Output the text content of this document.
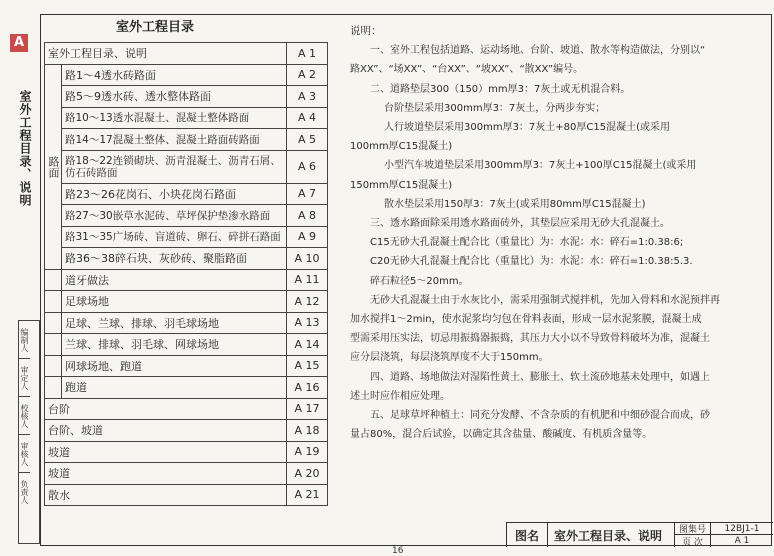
A
室外工程目录、说明
编制人
审定人
校核人
审核人
负责人
室外工程目录
室外工程目录、说明		A 1
路面	路1～4透水砖路面	A 2
	路5～9透水砖、透水整体路面	A 3
	路10～13透水混凝土、混凝土整体路面	A 4
	路14～17混凝土整体、混凝土路面砖路面	A 5
	路18～22连锁砌块、沥青混凝土、沥青石屑、仿石砖路面	A 6
	路23～26花岗石、小块花岗石路面	A 7
	路27～30嵌草水泥砖、草坪保护垫渗水路面	A 8
	路31～35广场砖、盲道砖、卵石、碎拼石路面	A 9
	路36～38碎石块、灰砂砖、聚脂路面	A 10
	道牙做法	A 11
	足球场地	A 12
	足球、兰球、排球、羽毛球场地	A 13
	兰球、排球、羽毛球、网球场地	A 14
	网球场地、跑道	A 15
	跑道	A 16
台阶		A 17
台阶、坡道		A 18
坡道		A 19
坡道		A 20
散水		A 21

说明：

一、室外工程包括道路、运动场地、台阶、坡道、散水等构造做法，分别以“

路XX”、“场XX”、“台XX”、“坡XX”、“散XX”编号。

二、道路垫层300（150）mm厚3：7灰土或无机混合料。

台阶垫层采用300mm厚3：7灰土，分两步夯实；

人行坡道垫层采用300mm厚3：7灰土+80厚C15混凝土(或采用

100mm厚C15混凝土)

小型汽车坡道垫层采用300mm厚3：7灰土+100厚C15混凝土(或采用

150mm厚C15混凝土)

散水垫层采用150厚3：7灰土(或采用80mm厚C15混凝土)

三、透水路面除采用透水路面砖外，其垫层应采用无砂大孔混凝土。

C15无砂大孔混凝土配合比（重量比）为：水泥：水：碎石=1:0.38:6;

C20无砂大孔混凝土配合比（重量比）为：水泥：水：碎石=1:0.38:5.3.

碎石粒径5～20mm。

无砂大孔混凝土由于水灰比小，需采用强制式搅拌机，先加入骨料和水泥预拌再

加水搅拌1～2min，使水泥浆均匀包在骨料表面，形成一层水泥浆膜，混凝土成

型需采用压实法，切忌用振捣器振捣，其压力大小以不导致骨料破坏为准，混凝土

应分层浇筑，每层浇筑厚度不大于150mm。

四、道路、场地做法对湿陷性黄土、膨胀土、软土流砂地基未处理中，如遇上

述土时应作相应处理。

五、足球草坪种植土：同充分发酵、不含杂质的有机肥和中细砂混合而成，砂

量占80%，混合后试验，以确定其含盐量、酸碱度、有机质含量等。

图名	室外工程目录、说明	图集号	12BJ1-1
页 次	A 1
16
